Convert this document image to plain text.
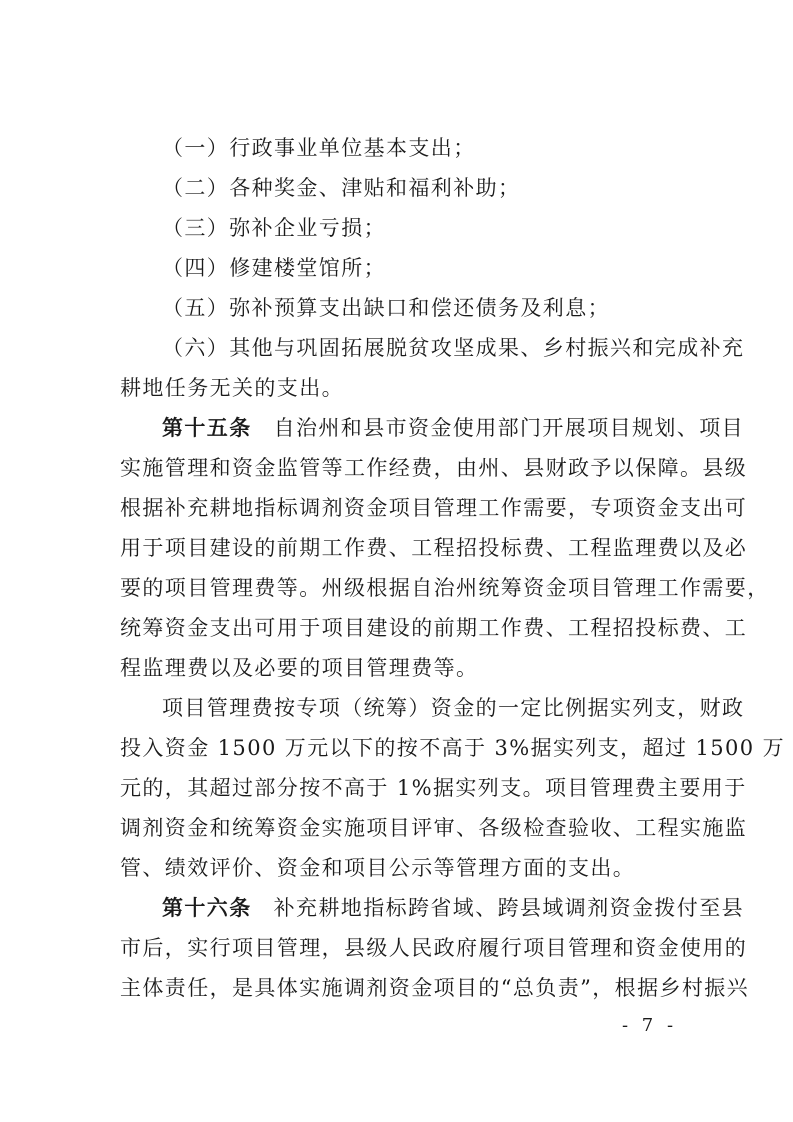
（一）行政事业单位基本支出；
（二）各种奖金、津贴和福利补助；
（三）弥补企业亏损；
（四）修建楼堂馆所；
（五）弥补预算支出缺口和偿还债务及利息；
（六）其他与巩固拓展脱贫攻坚成果、乡村振兴和完成补充
耕地任务无关的支出。
第十五条 自治州和县市资金使用部门开展项目规划、项目
实施管理和资金监管等工作经费，由州、县财政予以保障。县级
根据补充耕地指标调剂资金项目管理工作需要，专项资金支出可
用于项目建设的前期工作费、工程招投标费、工程监理费以及必
要的项目管理费等。州级根据自治州统筹资金项目管理工作需要，
统筹资金支出可用于项目建设的前期工作费、工程招投标费、工
程监理费以及必要的项目管理费等。
项目管理费按专项（统筹）资金的一定比例据实列支，财政
投入资金 1500 万元以下的按不高于 3%据实列支，超过 1500 万
元的，其超过部分按不高于 1%据实列支。项目管理费主要用于
调剂资金和统筹资金实施项目评审、各级检查验收、工程实施监
管、绩效评价、资金和项目公示等管理方面的支出。
第十六条 补充耕地指标跨省域、跨县域调剂资金拨付至县
市后，实行项目管理，县级人民政府履行项目管理和资金使用的
主体责任，是具体实施调剂资金项目的“总负责”，根据乡村振兴
- 7 -
